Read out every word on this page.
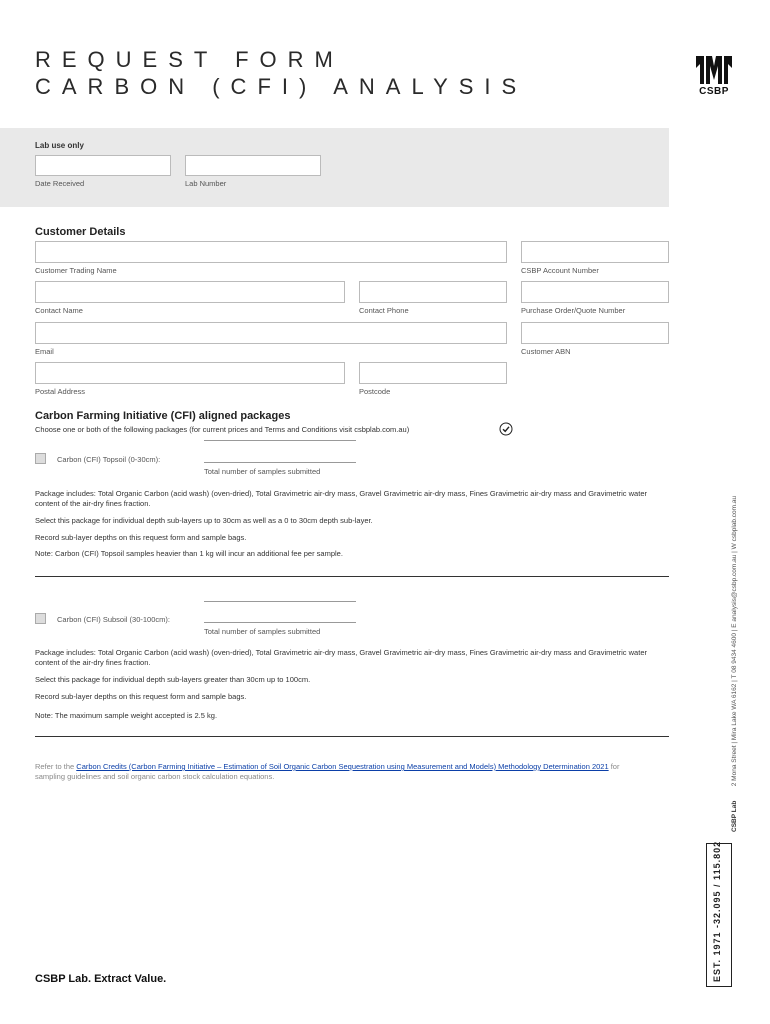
REQUEST FORM
CARBON (CFI) ANALYSIS	CSBP
Lab use only
Date Received	Lab Number
Customer Details
Customer Trading Name	CSBP Account Number
Contact Name	Contact Phone	Purchase Order/Quote Number
Email	Customer ABN
Postal Address	Postcode
Carbon Farming Initiative (CFI) aligned packages
Choose one or both of the following packages (for current prices and Terms and Conditions visit csbplab.com.au)
Carbon (CFI) Topsoil (0-30cm):
Total number of samples submitted
Package includes: Total Organic Carbon (acid wash) (oven-dried), Total Gravimetric air-dry mass, Gravel Gravimetric air-dry mass, Fines Gravimetric air-dry mass and Gravimetric water content of the air-dry fines fraction.
Select this package for individual depth sub-layers up to 30cm as well as a 0 to 30cm depth sub-layer.
Record sub-layer depths on this request form and sample bags.
Note: Carbon (CFI) Topsoil samples heavier than 1 kg will incur an additional fee per sample.
Carbon (CFI) Subsoil (30-100cm):
Total number of samples submitted
Package includes: Total Organic Carbon (acid wash) (oven-dried), Total Gravimetric air-dry mass, Gravel Gravimetric air-dry mass, Fines Gravimetric air-dry mass and Gravimetric water content of the air-dry fines fraction.
Select this package for individual depth sub-layers greater than 30cm up to 100cm.
Record sub-layer depths on this request form and sample bags.
Note: The maximum sample weight accepted is 2.5 kg.
Refer to the Carbon Credits (Carbon Farming Initiative – Estimation of Soil Organic Carbon Sequestration using Measurement and Models) Methodology Determination 2021 for sampling guidelines and soil organic carbon stock calculation equations.
CSBP Lab 2 Mona Street | Mira Lake WA 6162 | T 08 9434 4600 | E analysis@csbp.com.au | W csbplab.com.au
EST. 1971 -32.095 / 115.802
CSBP Lab. Extract Value.
